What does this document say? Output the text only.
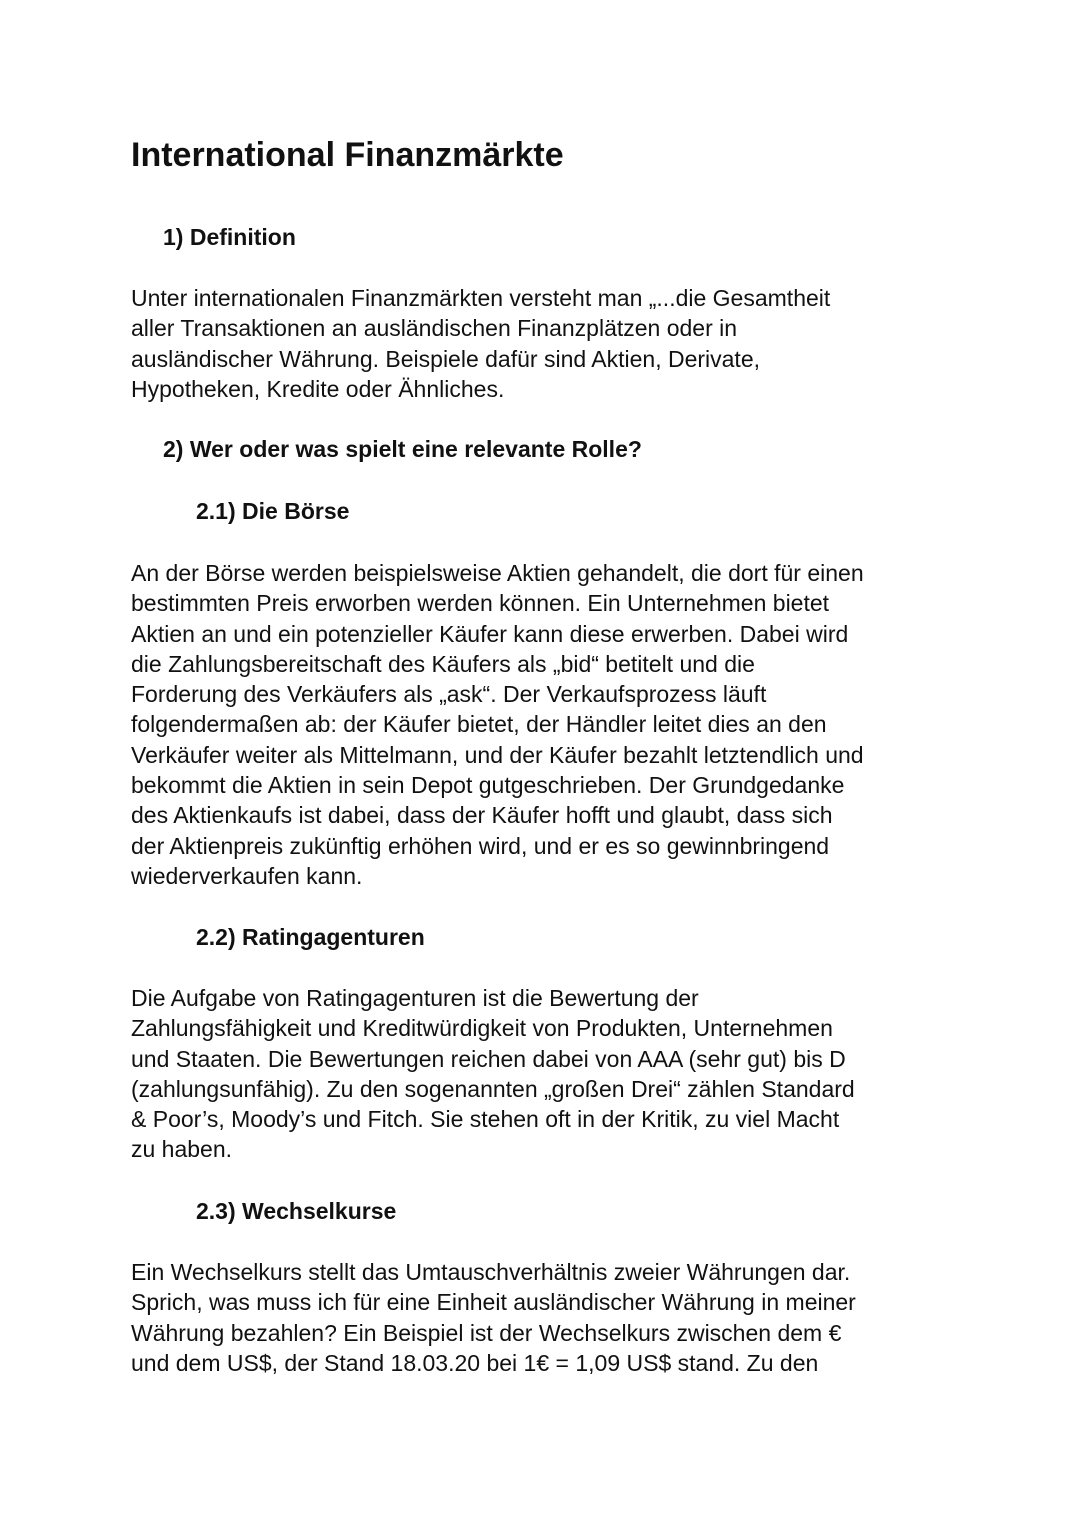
International Finanzmärkte
1) Definition

Unter internationalen Finanzmärkten versteht man „...die Gesamtheit
aller Transaktionen an ausländischen Finanzplätzen oder in
ausländischer Währung. Beispiele dafür sind Aktien, Derivate,
Hypotheken, Kredite oder Ähnliches.

2) Wer oder was spielt eine relevante Rolle?
2.1) Die Börse

An der Börse werden beispielsweise Aktien gehandelt, die dort für einen
bestimmten Preis erworben werden können. Ein Unternehmen bietet
Aktien an und ein potenzieller Käufer kann diese erwerben. Dabei wird
die Zahlungsbereitschaft des Käufers als „bid“ betitelt und die
Forderung des Verkäufers als „ask“. Der Verkaufsprozess läuft
folgendermaßen ab: der Käufer bietet, der Händler leitet dies an den
Verkäufer weiter als Mittelmann, und der Käufer bezahlt letztendlich und
bekommt die Aktien in sein Depot gutgeschrieben. Der Grundgedanke
des Aktienkaufs ist dabei, dass der Käufer hofft und glaubt, dass sich
der Aktienpreis zukünftig erhöhen wird, und er es so gewinnbringend
wiederverkaufen kann.

2.2) Ratingagenturen

Die Aufgabe von Ratingagenturen ist die Bewertung der
Zahlungsfähigkeit und Kreditwürdigkeit von Produkten, Unternehmen
und Staaten. Die Bewertungen reichen dabei von AAA (sehr gut) bis D
(zahlungsunfähig). Zu den sogenannten „großen Drei“ zählen Standard
& Poor’s, Moody’s und Fitch. Sie stehen oft in der Kritik, zu viel Macht
zu haben.

2.3) Wechselkurse

Ein Wechselkurs stellt das Umtauschverhältnis zweier Währungen dar.
Sprich, was muss ich für eine Einheit ausländischer Währung in meiner
Währung bezahlen? Ein Beispiel ist der Wechselkurs zwischen dem €
und dem US$, der Stand 18.03.20 bei 1€ = 1,09 US$ stand. Zu den
